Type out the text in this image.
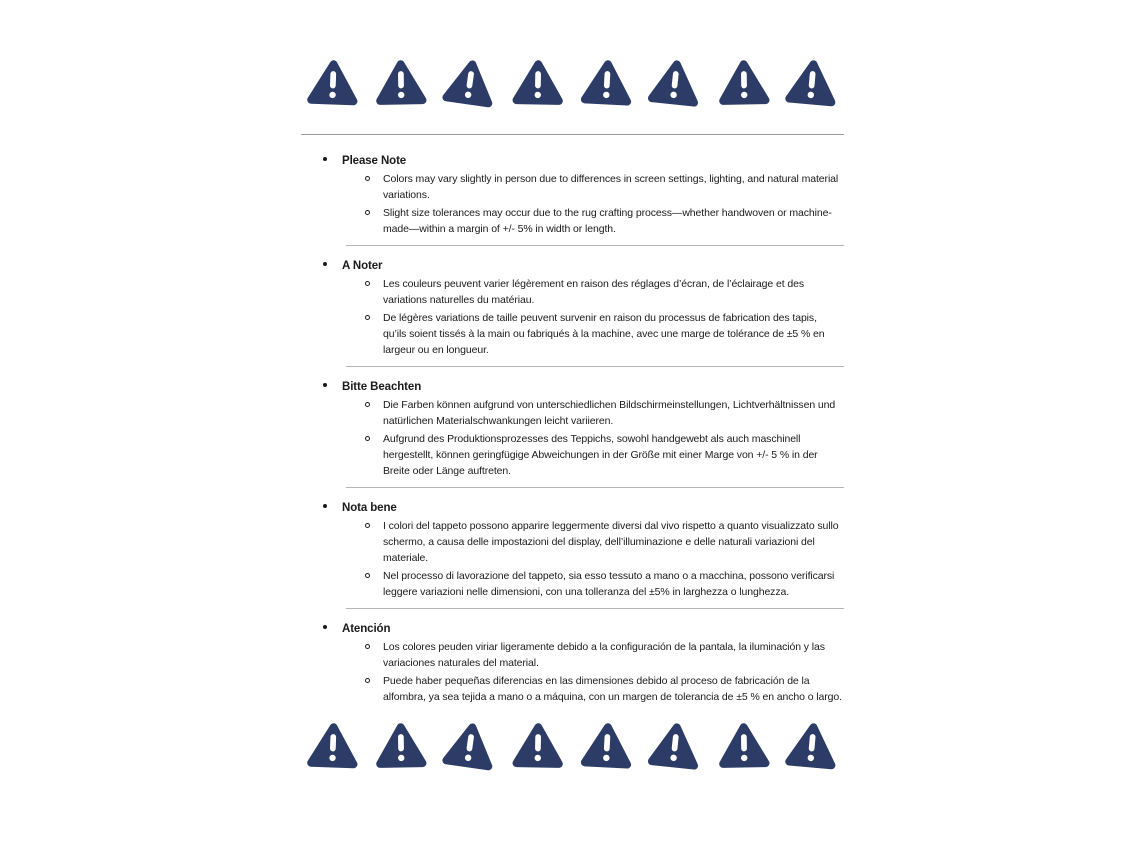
Please Note

Colors may vary slightly in person due to differences in screen settings, lighting, and natural material variations.

Slight size tolerances may occur due to the rug crafting process—whether handwoven or machine-made—within a margin of +/- 5% in width or length.

A Noter

Les couleurs peuvent varier légèrement en raison des réglages d’écran, de l’éclairage et des variations naturelles du matériau.

De légères variations de taille peuvent survenir en raison du processus de fabrication des tapis, qu’ils soient tissés à la main ou fabriqués à la machine, avec une marge de tolérance de ±5 % en largeur ou en longueur.

Bitte Beachten

Die Farben können aufgrund von unterschiedlichen Bildschirmeinstellungen, Lichtverhältnissen und natürlichen Materialschwankungen leicht variieren.

Aufgrund des Produktionsprozesses des Teppichs, sowohl handgewebt als auch maschinell hergestellt, können geringfügige Abweichungen in der Größe mit einer Marge von +/- 5 % in der Breite oder Länge auftreten.

Nota bene

I colori del tappeto possono apparire leggermente diversi dal vivo rispetto a quanto visualizzato sullo schermo, a causa delle impostazioni del display, dell’illuminazione e delle naturali variazioni del materiale.

Nel processo di lavorazione del tappeto, sia esso tessuto a mano o a macchina, possono verificarsi leggere variazioni nelle dimensioni, con una tolleranza del ±5% in larghezza o lunghezza.

Atención

Los colores peuden viriar ligeramente debido a la configuración de la pantala, la iluminación y las variaciones naturales del material.

Puede haber pequeñas diferencias en las dimensiones debido al proceso de fabricación de la alfombra, ya sea tejida a mano o a máquina, con un margen de tolerancia de ±5 % en ancho o largo.
